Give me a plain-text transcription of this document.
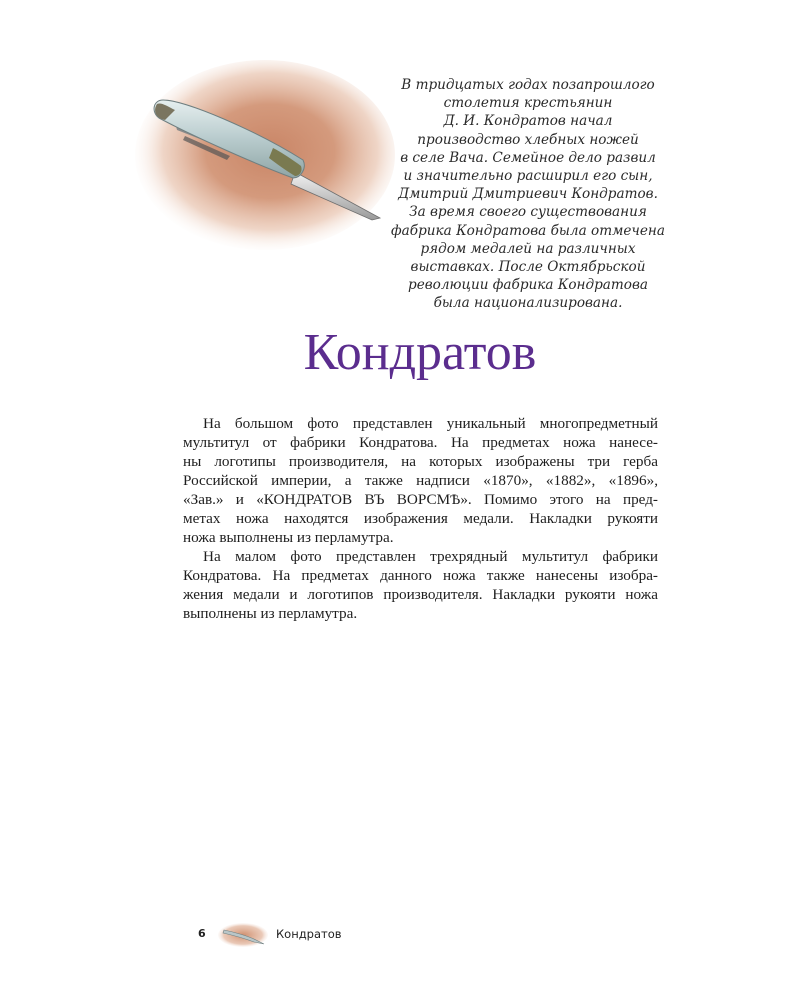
В тридцатых годах позапрошлого
столетия крестьянин
Д. И. Кондратов начал
производство хлебных ножей
в селе Вача. Семейное дело развил
и значительно расширил его сын,
Дмитрий Дмитриевич Кондратов.
За время своего существования
фабрика Кондратова была отмечена
рядом медалей на различных
выставках. После Октябрьской
революции фабрика Кондратова
была национализирована.

Кондратов
На большом фото представлен уникальный многопредметный
мультитул от фабрики Кондратова. На предметах ножа нанесе-
ны логотипы производителя, на которых изображены три герба
Российской империи, а также надписи «1870», «1882», «1896»,
«Зав.» и «КОНДРАТОВ ВЪ ВОРСМѢ». Помимо этого на пред-
метах ножа находятся изображения медали. Накладки рукояти
ножа выполнены из перламутра.
На малом фото представлен трехрядный мультитул фабрики
Кондратова. На предметах данного ножа также нанесены изобра-
жения медали и логотипов производителя. Накладки рукояти ножа
выполнены из перламутра.
6	Кондратов
